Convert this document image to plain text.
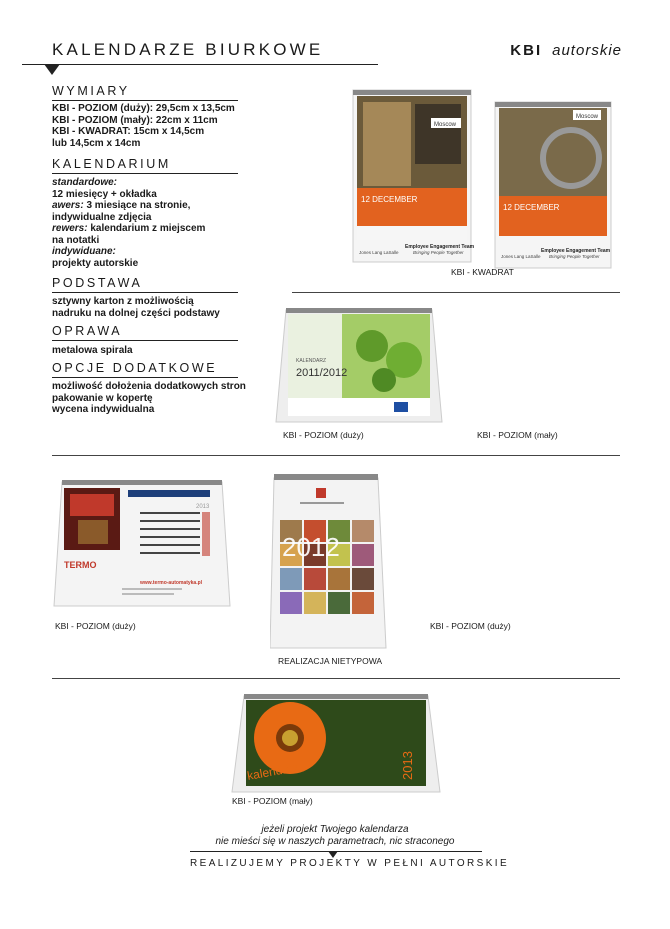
KALENDARZE BIURKOWE	KBI autorskie
WYMIARY
KBI - POZIOM (duży): 29,5cm x 13,5cm
KBI - POZIOM (mały): 22cm x 11cm
KBI - KWADRAT: 15cm x 14,5cm
lub 14,5cm x 14cm
KALENDARIUM
standardowe:
12 miesięcy + okładka
awers: 3 miesiące na stronie,
indywidualne zdjęcia
rewers: kalendarium z miejscem
na notatki
indywiduane:
projekty autorskie
PODSTAWA
sztywny karton z możliwością
nadruku na dolnej części podstawy
OPRAWA
metalowa spirala
OPCJE DODATKOWE
możliwość dołożenia dodatkowych stron
pakowanie w kopertę
wycena indywidualna
12 DECEMBER
Moscow
Employee Engagement Team
Bringing People Together
Jones Lang LaSalle
Moscow
12 DECEMBER
Employee Engagement Team
Bringing People Together
Jones Lang LaSalle
KBI - KWADRAT
KALENDARZ
2011/2012
KBI - POZIOM (duży)	KBI - POZIOM (mały)
2013
TERMO
www.termo-automatyka.pl
KBI - POZIOM (duży)
2012
REALIZACJA NIETYPOWA
KBI - POZIOM (duży)
kalendarz	2013
KBI - POZIOM (mały)
jeżeli projekt Twojego kalendarza
nie mieści się w naszych parametrach, nic straconego
REALIZUJEMY PROJEKTY W PEŁNI AUTORSKIE
